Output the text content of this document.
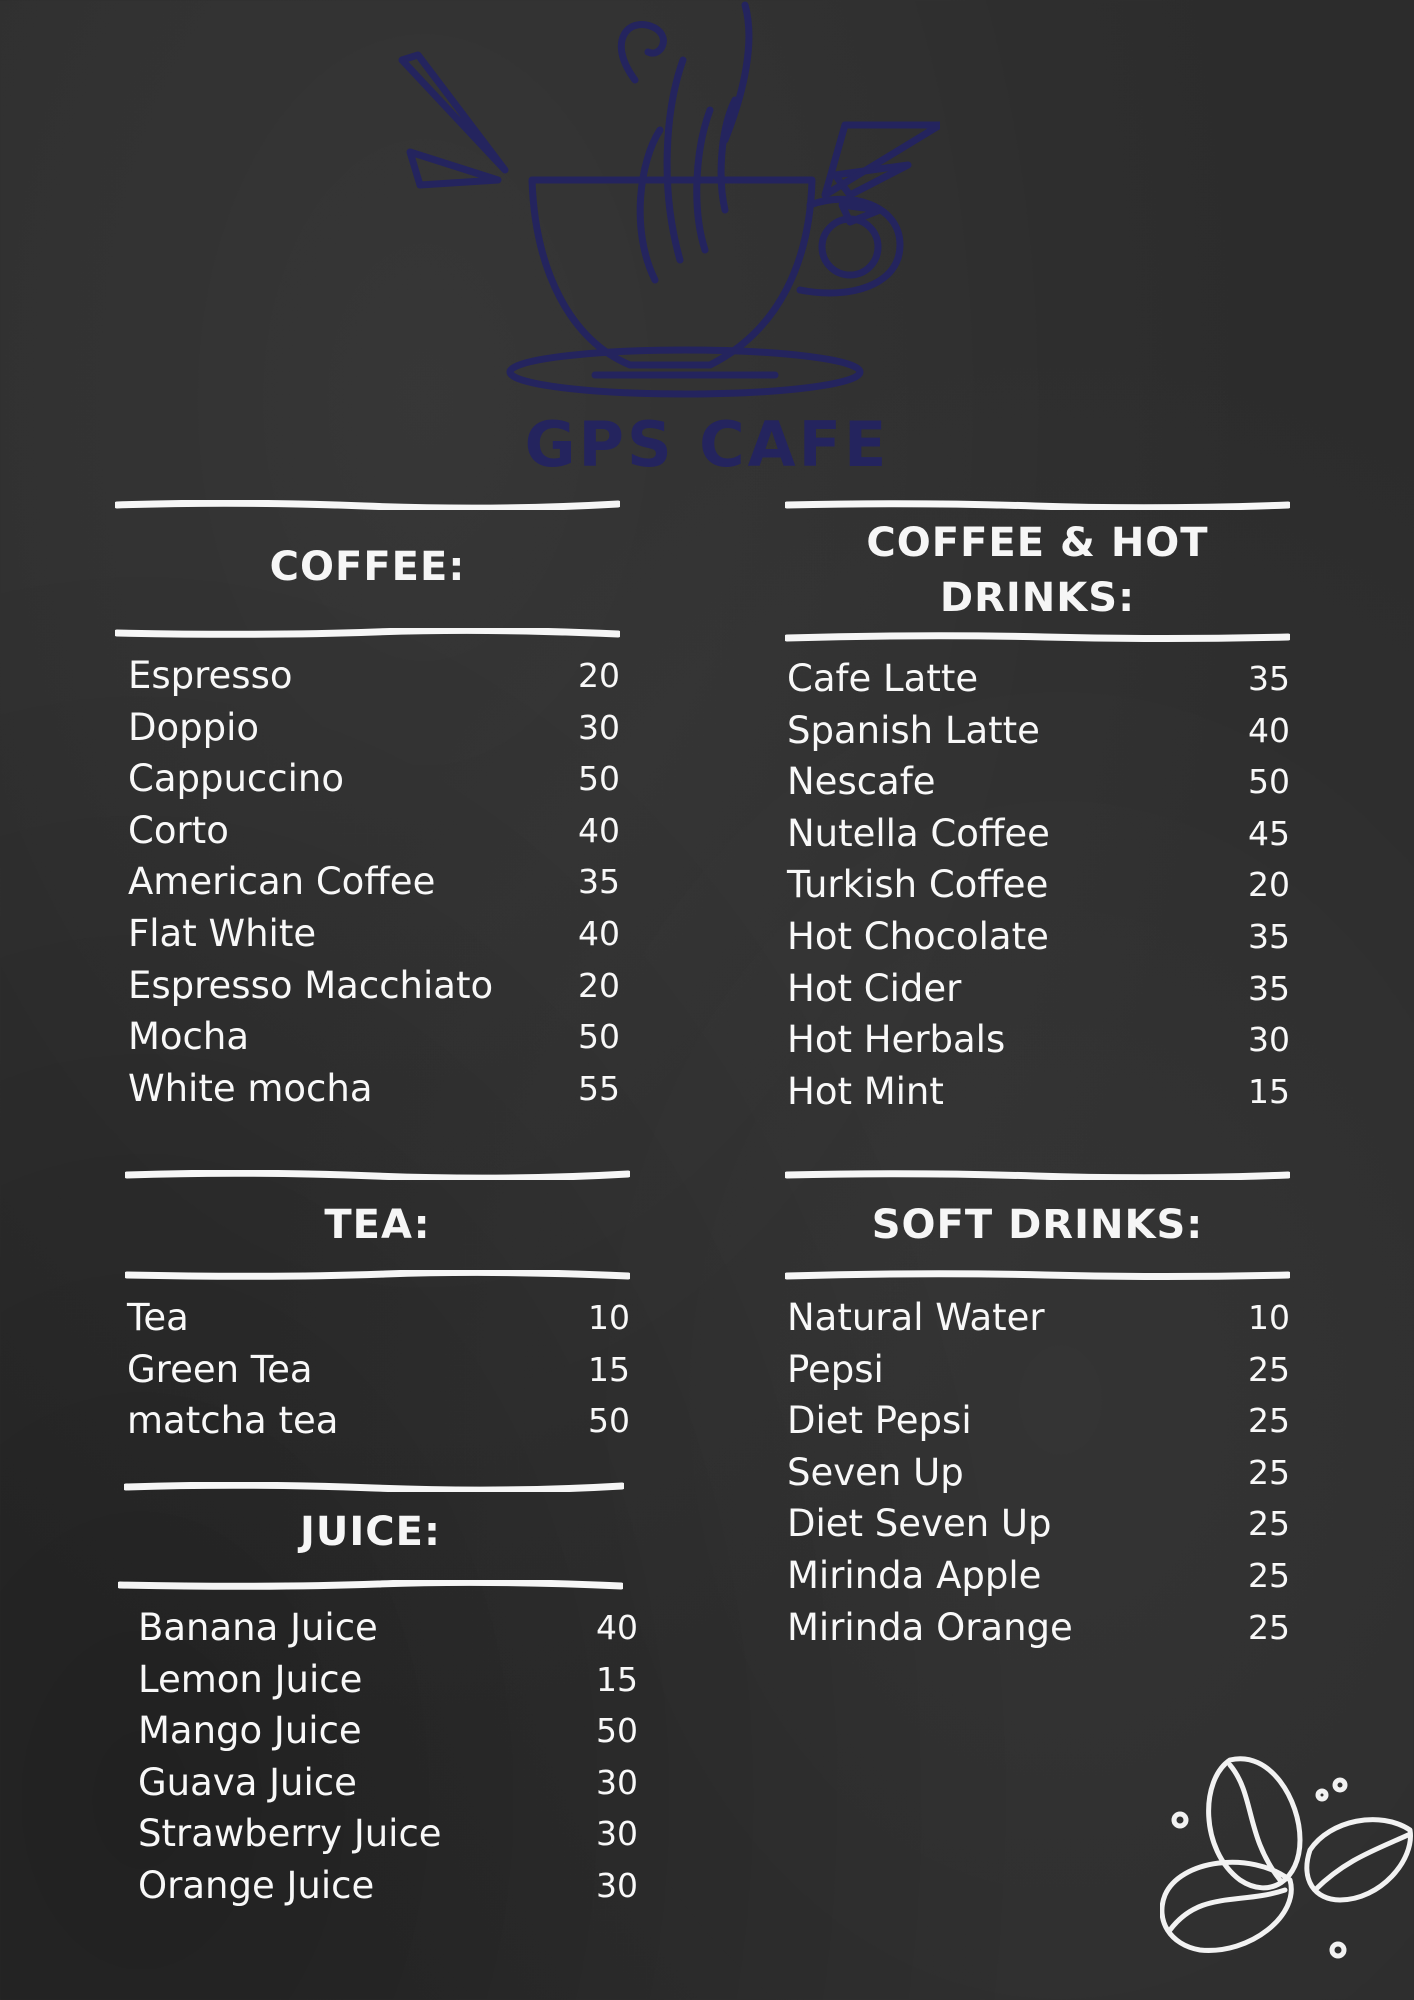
GPS CAFE
COFFEE:
Espresso	20
Doppio	30
Cappuccino	50
Corto	40
American Coffee	35
Flat White	40
Espresso Macchiato	20
Mocha	50
White mocha	55
COFFEE & HOT
DRINKS:
Cafe Latte	35
Spanish Latte	40
Nescafe	50
Nutella Coffee	45
Turkish Coffee	20
Hot Chocolate	35
Hot Cider	35
Hot Herbals	30
Hot Mint	15
TEA:
Tea	10
Green Tea	15
matcha tea	50
SOFT DRINKS:
Natural Water	10
Pepsi	25
Diet Pepsi	25
Seven Up	25
Diet Seven Up	25
Mirinda Apple	25
Mirinda Orange	25
JUICE:
Banana Juice	40
Lemon Juice	15
Mango Juice	50
Guava Juice	30
Strawberry Juice	30
Orange Juice	30
